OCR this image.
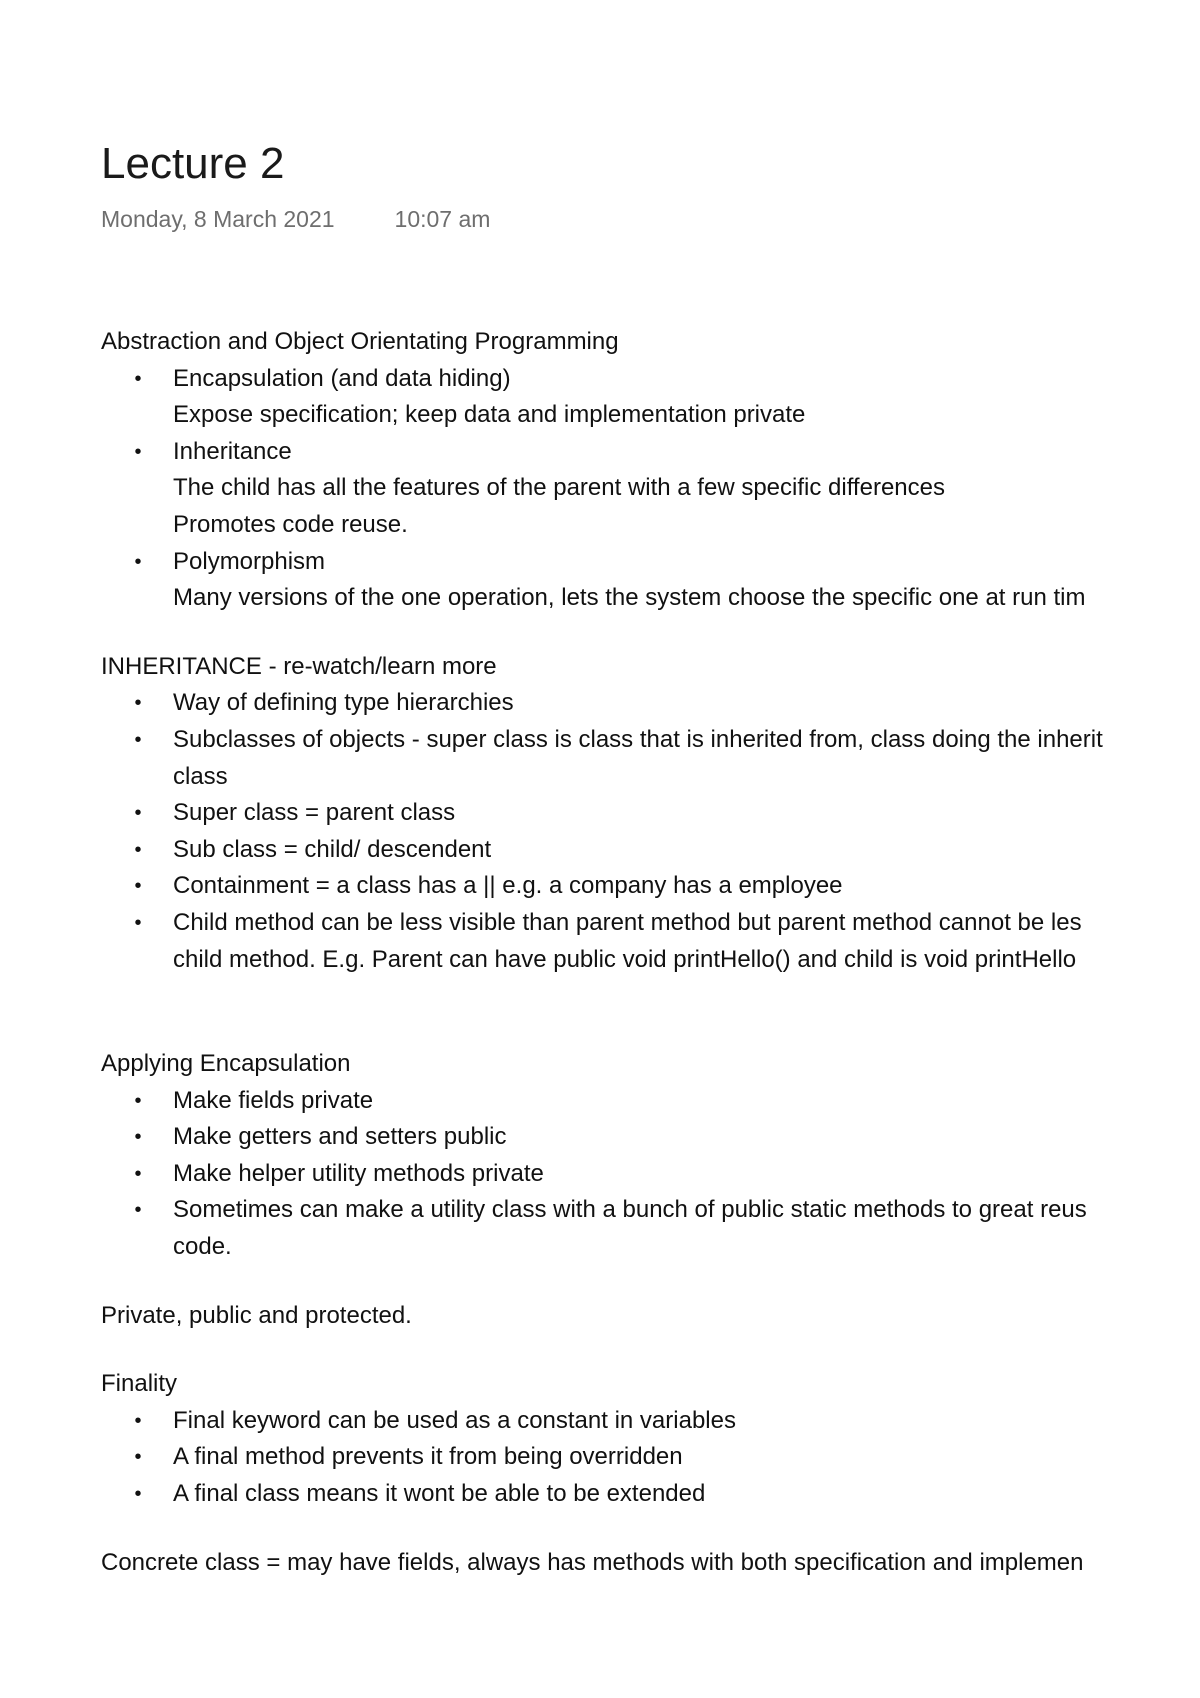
Lecture 2
Monday, 8 March 2021	10:07 am
Abstraction and Object Orientating Programming
• Encapsulation (and data hiding)
Expose specification; keep data and implementation private
• Inheritance
The child has all the features of the parent with a few specific differences
Promotes code reuse.
• Polymorphism
Many versions of the one operation, lets the system choose the specific one at run tim
INHERITANCE - re-watch/learn more
• Way of defining type hierarchies
• Subclasses of objects - super class is class that is inherited from, class doing the inherit
class
• Super class = parent class
• Sub class = child/ descendent
• Containment = a class has a || e.g. a company has a employee
• Child method can be less visible than parent method but parent method cannot be les
child method. E.g. Parent can have public void printHello() and child is void printHello
Applying Encapsulation
• Make fields private
• Make getters and setters public
• Make helper utility methods private
• Sometimes can make a utility class with a bunch of public static methods to great reus
code.
Private, public and protected.
Finality
• Final keyword can be used as a constant in variables
• A final method prevents it from being overridden
• A final class means it wont be able to be extended
Concrete class = may have fields, always has methods with both specification and implemen
